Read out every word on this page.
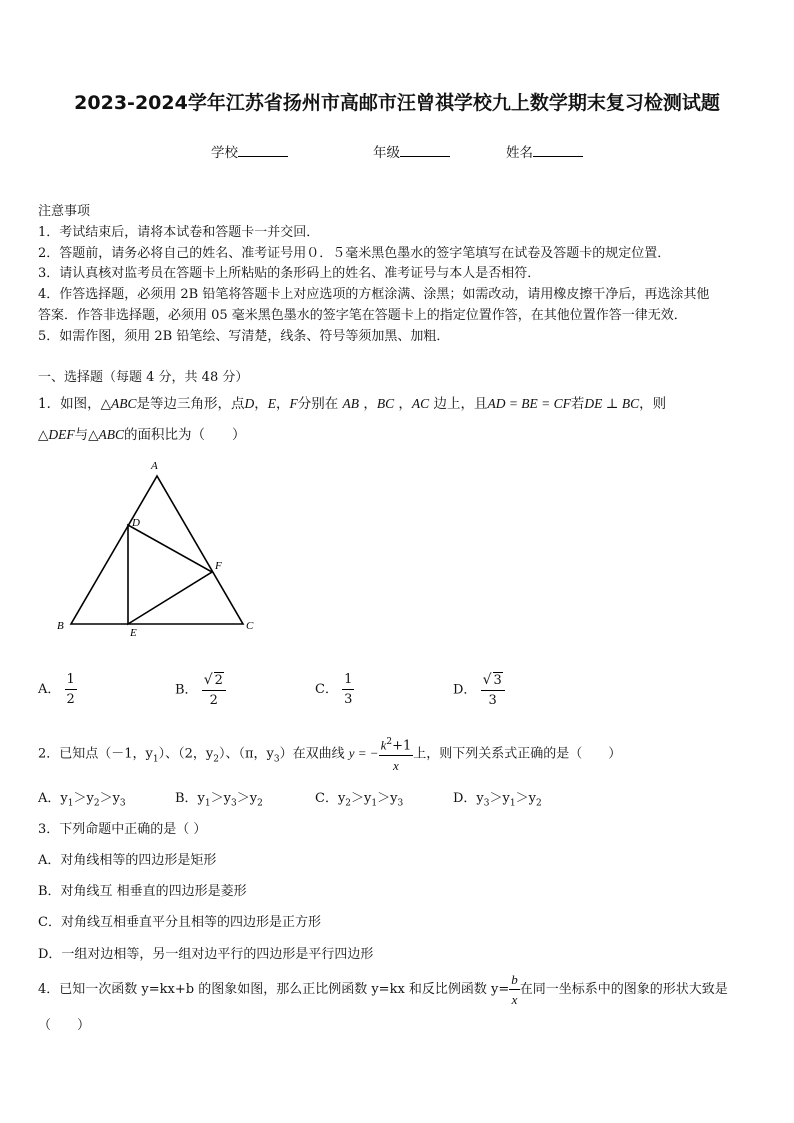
2023-2024学年江苏省扬州市高邮市汪曾祺学校九上数学期末复习检测试题
学校	年级	姓名
注意事项
1．考试结束后，请将本试卷和答题卡一并交回．
2．答题前，请务必将自己的姓名、准考证号用０．５毫米黑色墨水的签字笔填写在试卷及答题卡的规定位置．
3．请认真核对监考员在答题卡上所粘贴的条形码上的姓名、准考证号与本人是否相符．
4．作答选择题，必须用 2B 铅笔将答题卡上对应选项的方框涂满、涂黑；如需改动，请用橡皮擦干净后，再选涂其他
答案．作答非选择题，必须用 05 毫米黑色墨水的签字笔在答题卡上的指定位置作答，在其他位置作答一律无效．
5．如需作图，须用 2B 铅笔绘、写清楚，线条、符号等须加黑、加粗．
一、选择题（每题 4 分，共 48 分）
1．如图，△ABC是等边三角形，点D，E，F分别在 AB ，BC ，AC 边上，且AD = BE = CF若DE ⊥ BC，则
△DEF与△ABC的面积比为（　　）
A
D
F
B
E
C
A． $\frac{1}{2}$	B． $\frac{√ 2}{2}$	C． $\frac{1}{3}$	D． $\frac{√ 3}{3}$
2．已知点（－1，$y_1$）、（2，$y_2$）、（π，$y_3$）在双曲线 y = − $\frac{k^2+1}{x}$ 上，则下列关系式正确的是（　　）
A．$y_1>y_2>y_3$	B．$y_1>y_3>y_2$	C．$y_2>y_1>y_3$	D．$y_3>y_1>y_2$
3．下列命题中正确的是（ ）
A．对角线相等的四边形是矩形
B．对角线互 相垂直的四边形是菱形
C．对角线互相垂直平分且相等的四边形是正方形
D．一组对边相等，另一组对边平行的四边形是平行四边形
4．已知一次函数 y=kx+b 的图象如图，那么正比例函数 y=kx 和反比例函数 $y= \frac{b}{x}$ 在同一坐标系中的图象的形状大致是
（　　）
